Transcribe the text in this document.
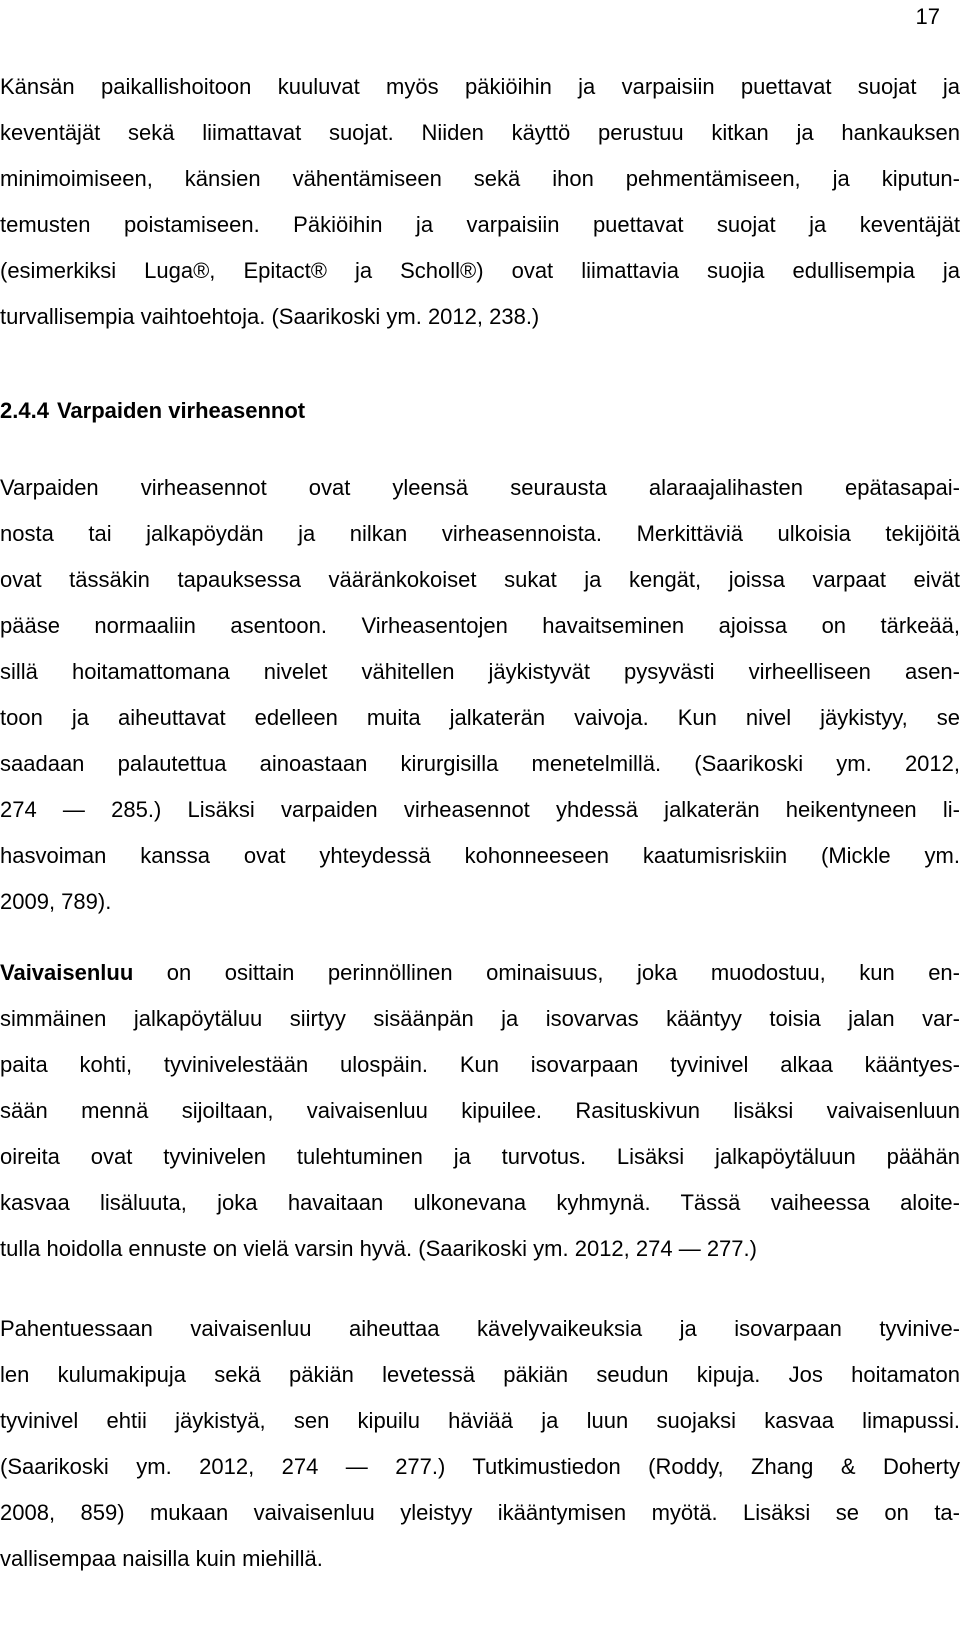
17
Känsän paikallishoitoon kuuluvat myös päkiöihin ja varpaisiin puettavat suojat ja
keventäjät sekä liimattavat suojat. Niiden käyttö perustuu kitkan ja hankauksen
minimoimiseen, känsien vähentämiseen sekä ihon pehmentämiseen, ja kiputun-
temusten poistamiseen. Päkiöihin ja varpaisiin puettavat suojat ja keventäjät
(esimerkiksi Luga®, Epitact® ja Scholl®) ovat liimattavia suojia edullisempia ja
turvallisempia vaihtoehtoja. (Saarikoski ym. 2012, 238.)
2.4.4 Varpaiden virheasennot
Varpaiden virheasennot ovat yleensä seurausta alaraajalihasten epätasapai-
nosta tai jalkapöydän ja nilkan virheasennoista. Merkittäviä ulkoisia tekijöitä
ovat tässäkin tapauksessa vääränkokoiset sukat ja kengät, joissa varpaat eivät
pääse normaaliin asentoon. Virheasentojen havaitseminen ajoissa on tärkeää,
sillä hoitamattomana nivelet vähitellen jäykistyvät pysyvästi virheelliseen asen-
toon ja aiheuttavat edelleen muita jalkaterän vaivoja. Kun nivel jäykistyy, se
saadaan palautettua ainoastaan kirurgisilla menetelmillä. (Saarikoski ym. 2012,
274 — 285.) Lisäksi varpaiden virheasennot yhdessä jalkaterän heikentyneen li-
hasvoiman kanssa ovat yhteydessä kohonneeseen kaatumisriskiin (Mickle ym.
2009, 789).
Vaivaisenluu on osittain perinnöllinen ominaisuus, joka muodostuu, kun en-
simmäinen jalkapöytäluu siirtyy sisäänpän ja isovarvas kääntyy toisia jalan var-
paita kohti, tyvinivelestään ulospäin. Kun isovarpaan tyvinivel alkaa kääntyes-
sään mennä sijoiltaan, vaivaisenluu kipuilee. Rasituskivun lisäksi vaivaisenluun
oireita ovat tyvinivelen tulehtuminen ja turvotus. Lisäksi jalkapöytäluun päähän
kasvaa lisäluuta, joka havaitaan ulkonevana kyhmynä. Tässä vaiheessa aloite-
tulla hoidolla ennuste on vielä varsin hyvä. (Saarikoski ym. 2012, 274 — 277.)
Pahentuessaan vaivaisenluu aiheuttaa kävelyvaikeuksia ja isovarpaan tyvinive-
len kulumakipuja sekä päkiän levetessä päkiän seudun kipuja. Jos hoitamaton
tyvinivel ehtii jäykistyä, sen kipuilu häviää ja luun suojaksi kasvaa limapussi.
(Saarikoski ym. 2012, 274 — 277.) Tutkimustiedon (Roddy, Zhang & Doherty
2008, 859) mukaan vaivaisenluu yleistyy ikääntymisen myötä. Lisäksi se on ta-
vallisempaa naisilla kuin miehillä.
